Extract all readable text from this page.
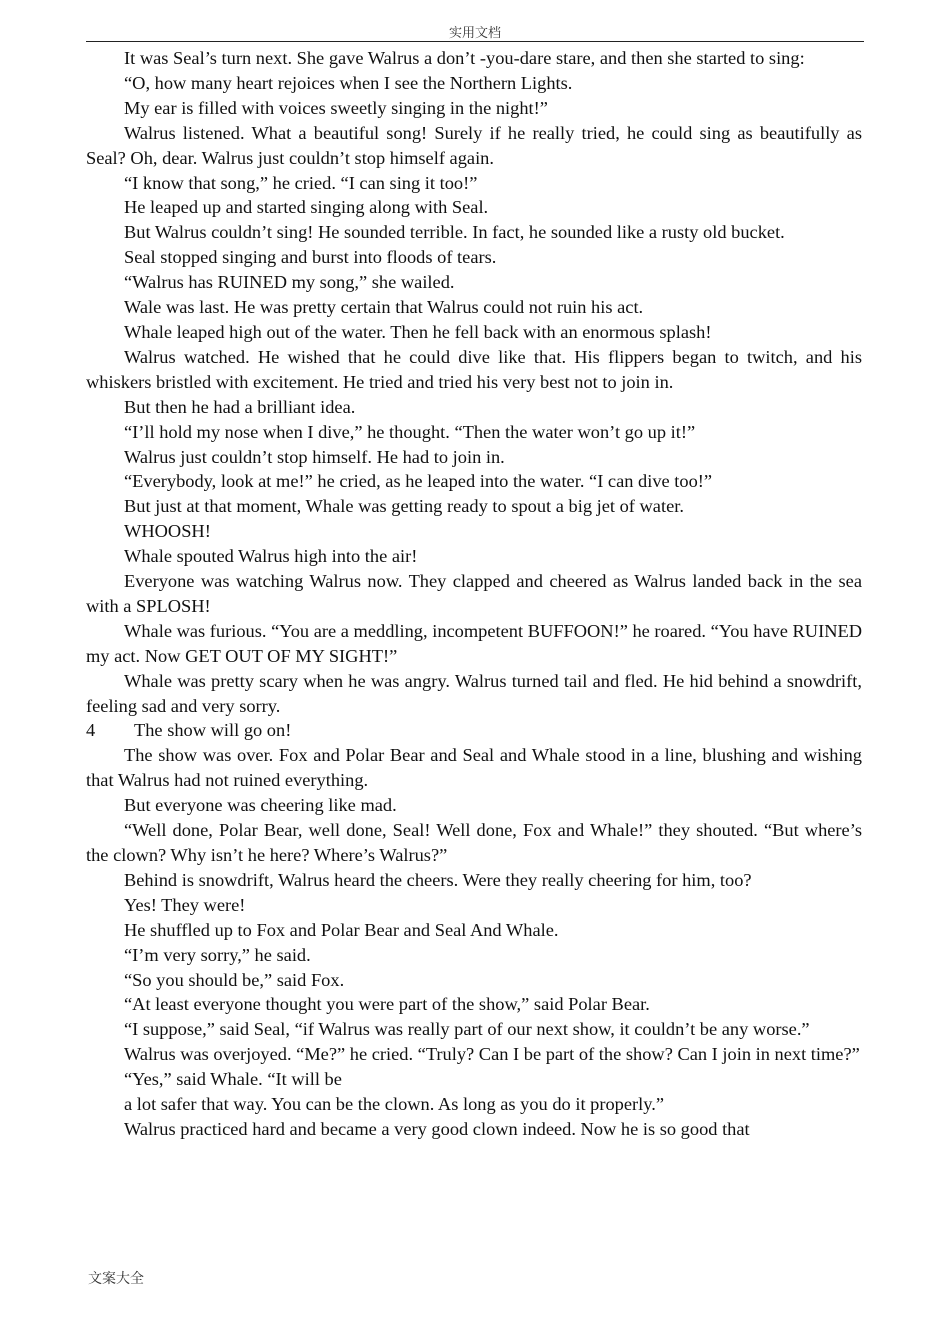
实用文档

It was Seal’s turn next. She gave Walrus a don’t -you-dare stare, and then she started to sing:

“O, how many heart rejoices when I see the Northern Lights.

My ear is filled with voices sweetly singing in the night!”

Walrus listened. What a beautiful song! Surely if he really tried, he could sing as beautifully as Seal? Oh, dear. Walrus just couldn’t stop himself again.

“I know that song,” he cried. “I can sing it too!”

He leaped up and started singing along with Seal.

But Walrus couldn’t sing! He sounded terrible. In fact, he sounded like a rusty old bucket.

Seal stopped singing and burst into floods of tears.

“Walrus has RUINED my song,” she wailed.

Wale was last. He was pretty certain that Walrus could not ruin his act.

Whale leaped high out of the water. Then he fell back with an enormous splash!

Walrus watched. He wished that he could dive like that. His flippers began to twitch, and his whiskers bristled with excitement. He tried and tried his very best not to join in.

But then he had a brilliant idea.

“I’ll hold my nose when I dive,” he thought. “Then the water won’t go up it!”

Walrus just couldn’t stop himself. He had to join in.

“Everybody, look at me!” he cried, as he leaped into the water. “I can dive too!”

But just at that moment, Whale was getting ready to spout a big jet of water.

WHOOSH!

Whale spouted Walrus high into the air!

Everyone was watching Walrus now. They clapped and cheered as Walrus landed back in the sea with a SPLOSH!

Whale was furious. “You are a meddling, incompetent BUFFOON!” he roared. “You have RUINED my act. Now GET OUT OF MY SIGHT!”

Whale was pretty scary when he was angry. Walrus turned tail and fled. He hid behind a snowdrift, feeling sad and very sorry.

4 The show will go on!

The show was over. Fox and Polar Bear and Seal and Whale stood in a line, blushing and wishing that Walrus had not ruined everything.

But everyone was cheering like mad.

“Well done, Polar Bear, well done, Seal! Well done, Fox and Whale!” they shouted. “But where’s the clown? Why isn’t he here? Where’s Walrus?”

Behind is snowdrift, Walrus heard the cheers. Were they really cheering for him, too?

Yes! They were!

He shuffled up to Fox and Polar Bear and Seal And Whale.

“I’m very sorry,” he said.

“So you should be,” said Fox.

“At least everyone thought you were part of the show,” said Polar Bear.

“I suppose,” said Seal, “if Walrus was really part of our next show, it couldn’t be any worse.”

Walrus was overjoyed. “Me?” he cried. “Truly? Can I be part of the show? Can I join in next time?”

“Yes,” said Whale. “It will be

a lot safer that way. You can be the clown. As long as you do it properly.”

Walrus practiced hard and became a very good clown indeed. Now he is so good that

文案大全
